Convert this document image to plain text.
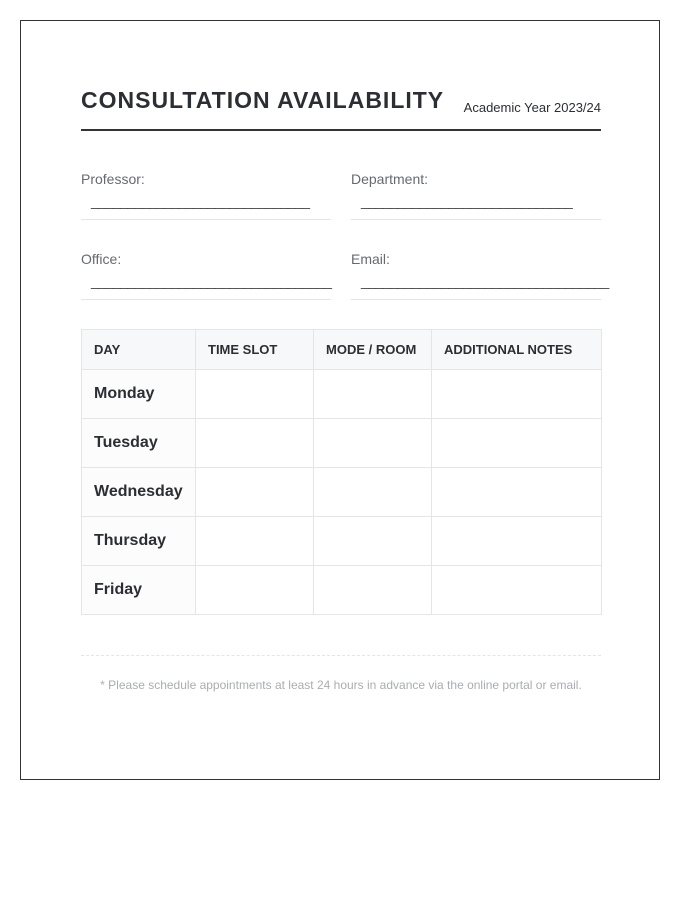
CONSULTATION AVAILABILITY Academic Year 2023/24
Professor:
______________________________
Department:
_____________________________
Office:
_________________________________
Email:
__________________________________
DAY	TIME SLOT	MODE / ROOM	ADDITIONAL NOTES
Monday			
Tuesday			
Wednesday			
Thursday			
Friday			
* Please schedule appointments at least 24 hours in advance via the online portal or email.
